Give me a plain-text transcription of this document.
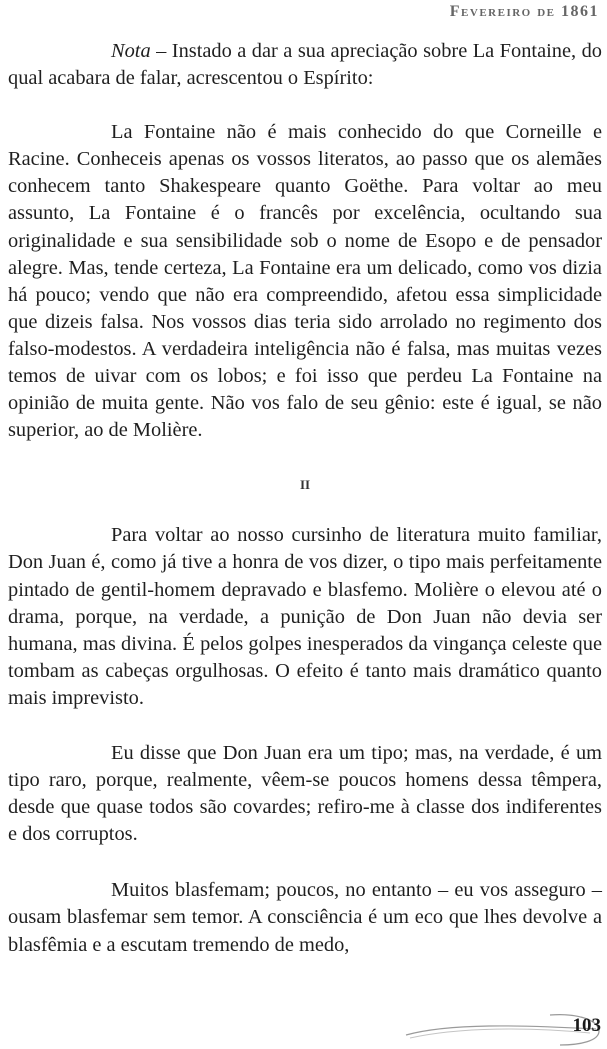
Fevereiro de 1861

Nota – Instado a dar a sua apreciação sobre La Fontaine, do qual acabara de falar, acrescentou o Espírito:

La Fontaine não é mais conhecido do que Corneille e Racine. Conheceis apenas os vossos literatos, ao passo que os alemães conhecem tanto Shakespeare quanto Goëthe. Para voltar ao meu assunto, La Fontaine é o francês por excelência, ocultando sua originalidade e sua sensibilidade sob o nome de Esopo e de pensador alegre. Mas, tende certeza, La Fontaine era um delicado, como vos dizia há pouco; vendo que não era compreendido, afetou essa simplicidade que dizeis falsa. Nos vossos dias teria sido arrolado no regimento dos falso-modestos. A verdadeira inteligência não é falsa, mas muitas vezes temos de uivar com os lobos; e foi isso que perdeu La Fontaine na opinião de muita gente. Não vos falo de seu gênio: este é igual, se não superior, ao de Molière.

II

Para voltar ao nosso cursinho de literatura muito familiar, Don Juan é, como já tive a honra de vos dizer, o tipo mais perfeitamente pintado de gentil-homem depravado e blasfemo. Molière o elevou até o drama, porque, na verdade, a punição de Don Juan não devia ser humana, mas divina. É pelos golpes inesperados da vingança celeste que tombam as cabeças orgulhosas. O efeito é tanto mais dramático quanto mais imprevisto.

Eu disse que Don Juan era um tipo; mas, na verdade, é um tipo raro, porque, realmente, vêem-se poucos homens dessa têmpera, desde que quase todos são covardes; refiro-me à classe dos indiferentes e dos corruptos.

Muitos blasfemam; poucos, no entanto – eu vos asseguro – ousam blasfemar sem temor. A consciência é um eco que lhes devolve a blasfêmia e a escutam tremendo de medo,

103
